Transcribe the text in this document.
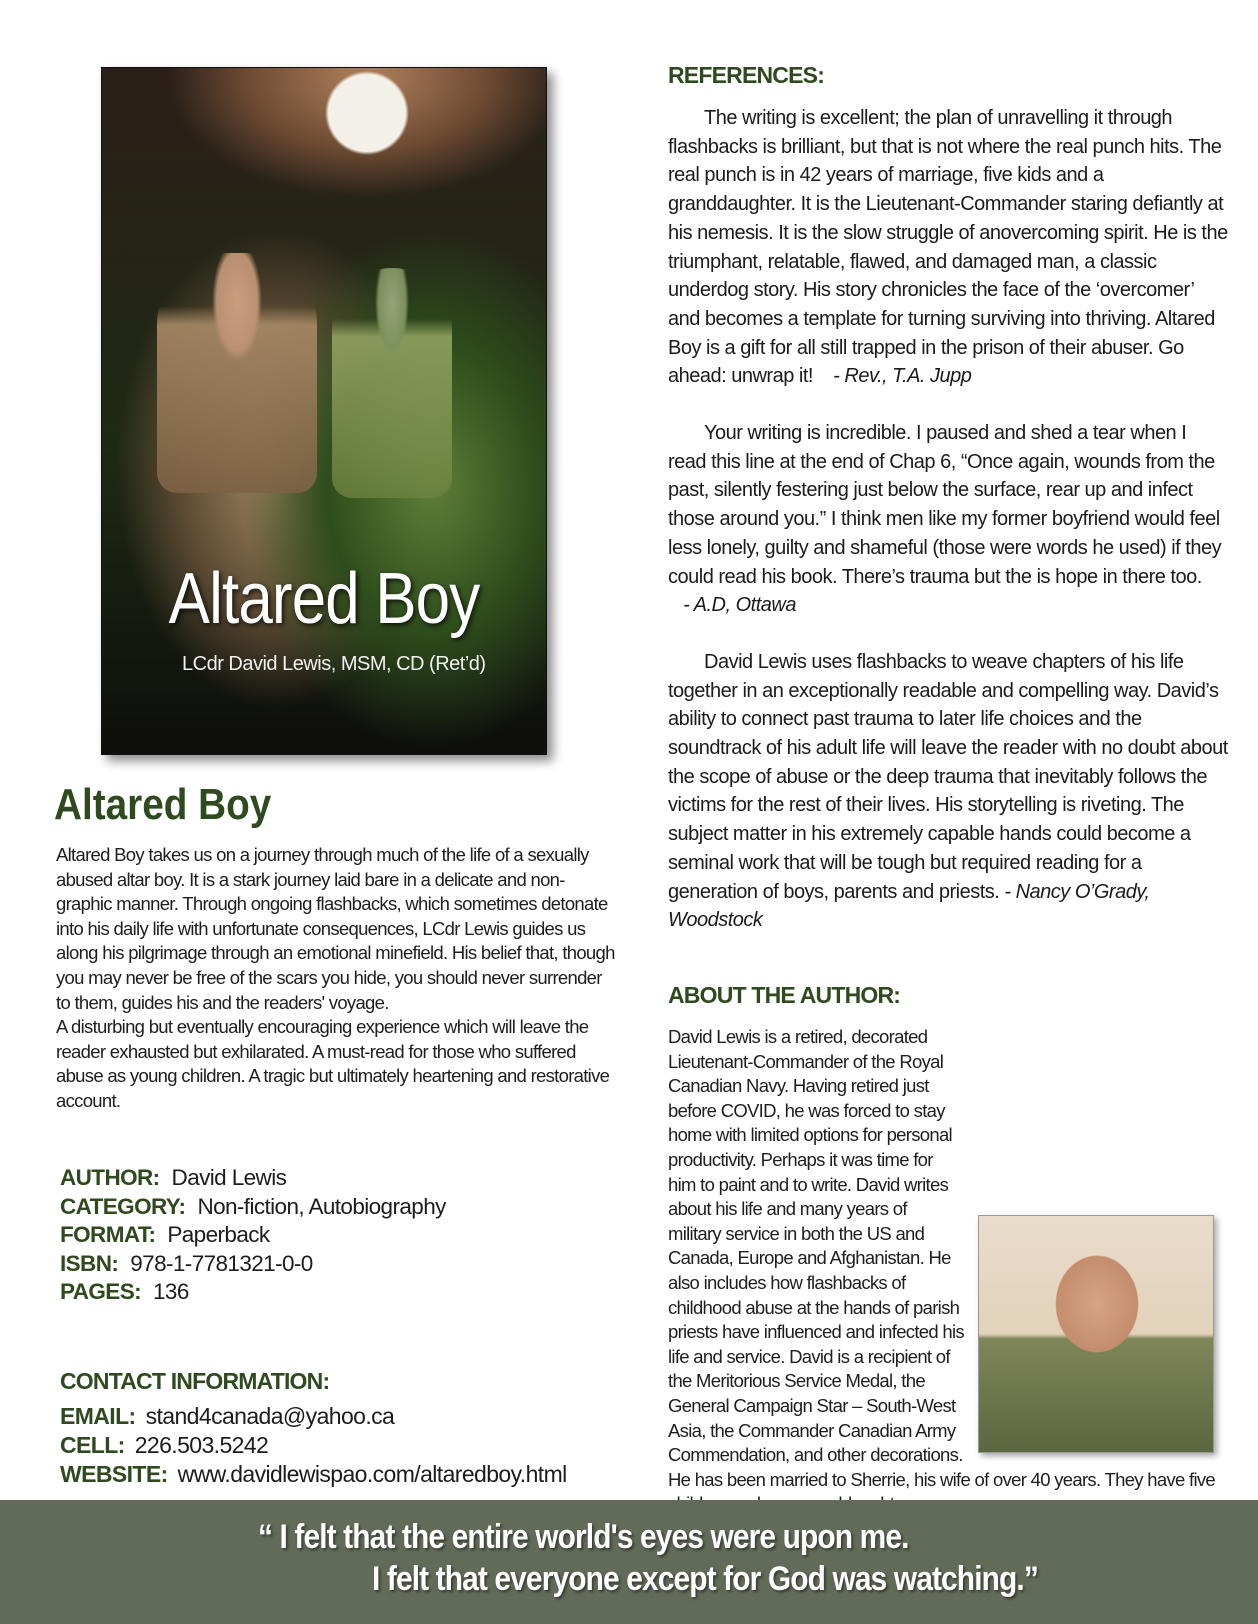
Altared Boy
LCdr David Lewis, MSM, CD (Ret’d)
Altared Boy

Altared Boy takes us on a journey through much of the life of a sexually abused altar boy. It is a stark journey laid bare in a delicate and non-graphic manner. Through ongoing flashbacks, which sometimes detonate into his daily life with unfortunate consequences, LCdr Lewis guides us along his pilgrimage through an emotional minefield. His belief that, though you may never be free of the scars you hide, you should never surrender to them, guides his and the readers' voyage.

A disturbing but eventually encouraging experience which will leave the reader exhausted but exhilarated. A must-read for those who suffered abuse as young children. A tragic but ultimately heartening and restorative account.

AUTHOR: David Lewis
CATEGORY: Non-fiction, Autobiography
FORMAT: Paperback
ISBN: 978-1-7781321-0-0
PAGES: 136
CONTACT INFORMATION:
EMAIL: stand4canada@yahoo.ca
CELL: 226.503.5242
WEBSITE: www.davidlewispao.com/altaredboy.html
REFERENCES:

The writing is excellent; the plan of unravelling it through flashbacks is brilliant, but that is not where the real punch hits. The real punch is in 42 years of marriage, five kids and a granddaughter. It is the Lieutenant-Commander staring defiantly at his nemesis. It is the slow struggle of anovercoming spirit. He is the triumphant, relatable, flawed, and damaged man, a classic underdog story. His story chronicles the face of the ‘overcomer’ and becomes a template for turning surviving into thriving. Altared Boy is a gift for all still trapped in the prison of their abuser. Go ahead: unwrap it! - Rev., T.A. Jupp

Your writing is incredible. I paused and shed a tear when I read this line at the end of Chap 6, “Once again, wounds from the past, silently festering just below the surface, rear up and infect those around you.” I think men like my former boyfriend would feel less lonely, guilty and shameful (those were words he used) if they could read his book. There’s trauma but the is hope in there too.    - A.D, Ottawa

David Lewis uses flashbacks to weave chapters of his life together in an exceptionally readable and compelling way. David’s ability to connect past trauma to later life choices and the soundtrack of his adult life will leave the reader with no doubt about the scope of abuse or the deep trauma that inevitably follows the victims for the rest of their lives. His storytelling is riveting. The subject matter in his extremely capable hands could become a seminal work that will be tough but required reading for a generation of boys, parents and priests. - Nancy O’Grady, Woodstock

ABOUT THE AUTHOR:

David Lewis is a retired, decorated Lieutenant-Commander of the Royal Canadian Navy. Having retired just before COVID, he was forced to stay home with limited options for personal productivity. Perhaps it was time for him to paint and to write. David writes about his life and many years of military service in both the US and Canada, Europe and Afghanistan. He also includes how flashbacks of childhood abuse at the hands of parish priests have influenced and infected his life and service. David is a recipient of the Meritorious Service Medal, the General Campaign Star – South-West Asia, the Commander Canadian Army Commendation, and other decorations. He has been married to Sherrie, his wife of over 40 years. They have five

“ I felt that the entire world's eyes were upon me.
I felt that everyone except for God was watching.”
